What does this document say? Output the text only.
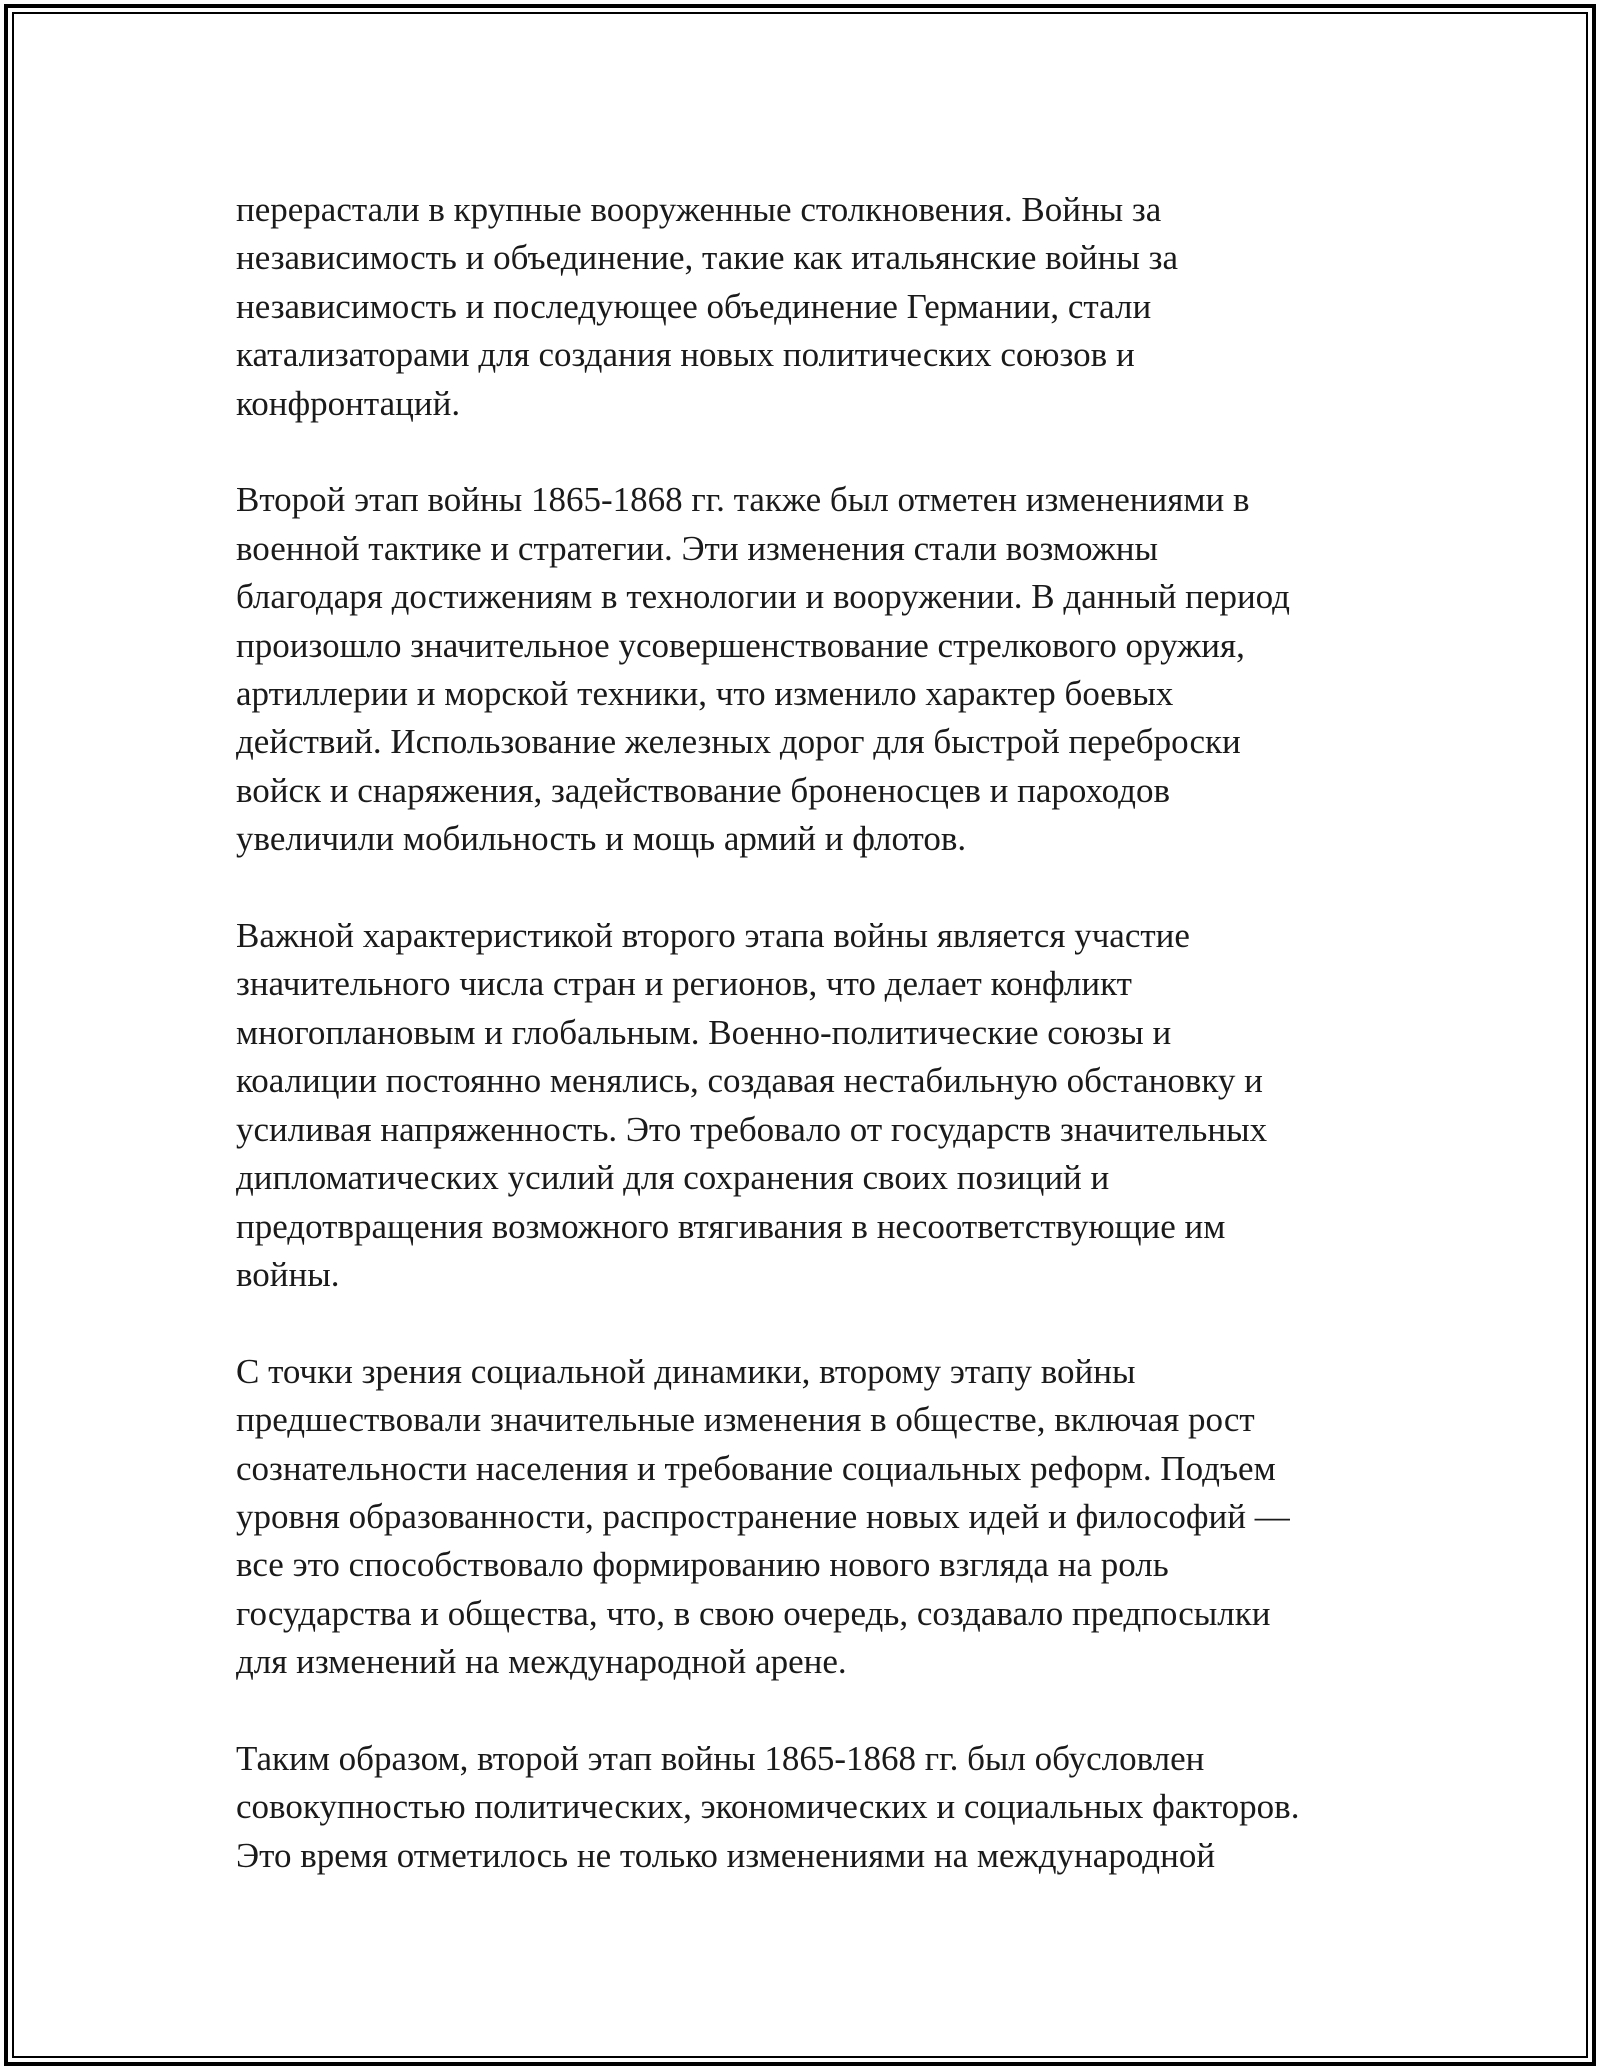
перерастали в крупные вооруженные столкновения. Войны за
независимость и объединение, такие как итальянские войны за
независимость и последующее объединение Германии, стали
катализаторами для создания новых политических союзов и
конфронтаций.

Второй этап войны 1865-1868 гг. также был отметен изменениями в
военной тактике и стратегии. Эти изменения стали возможны
благодаря достижениям в технологии и вооружении. В данный период
произошло значительное усовершенствование стрелкового оружия,
артиллерии и морской техники, что изменило характер боевых
действий. Использование железных дорог для быстрой переброски
войск и снаряжения, задействование броненосцев и пароходов
увеличили мобильность и мощь армий и флотов.

Важной характеристикой второго этапа войны является участие
значительного числа стран и регионов, что делает конфликт
многоплановым и глобальным. Военно-политические союзы и
коалиции постоянно менялись, создавая нестабильную обстановку и
усиливая напряженность. Это требовало от государств значительных
дипломатических усилий для сохранения своих позиций и
предотвращения возможного втягивания в несоответствующие им
войны.

С точки зрения социальной динамики, второму этапу войны
предшествовали значительные изменения в обществе, включая рост
сознательности населения и требование социальных реформ. Подъем
уровня образованности, распространение новых идей и философий —
все это способствовало формированию нового взгляда на роль
государства и общества, что, в свою очередь, создавало предпосылки
для изменений на международной арене.

Таким образом, второй этап войны 1865-1868 гг. был обусловлен
совокупностью политических, экономических и социальных факторов.
Это время отметилось не только изменениями на международной
